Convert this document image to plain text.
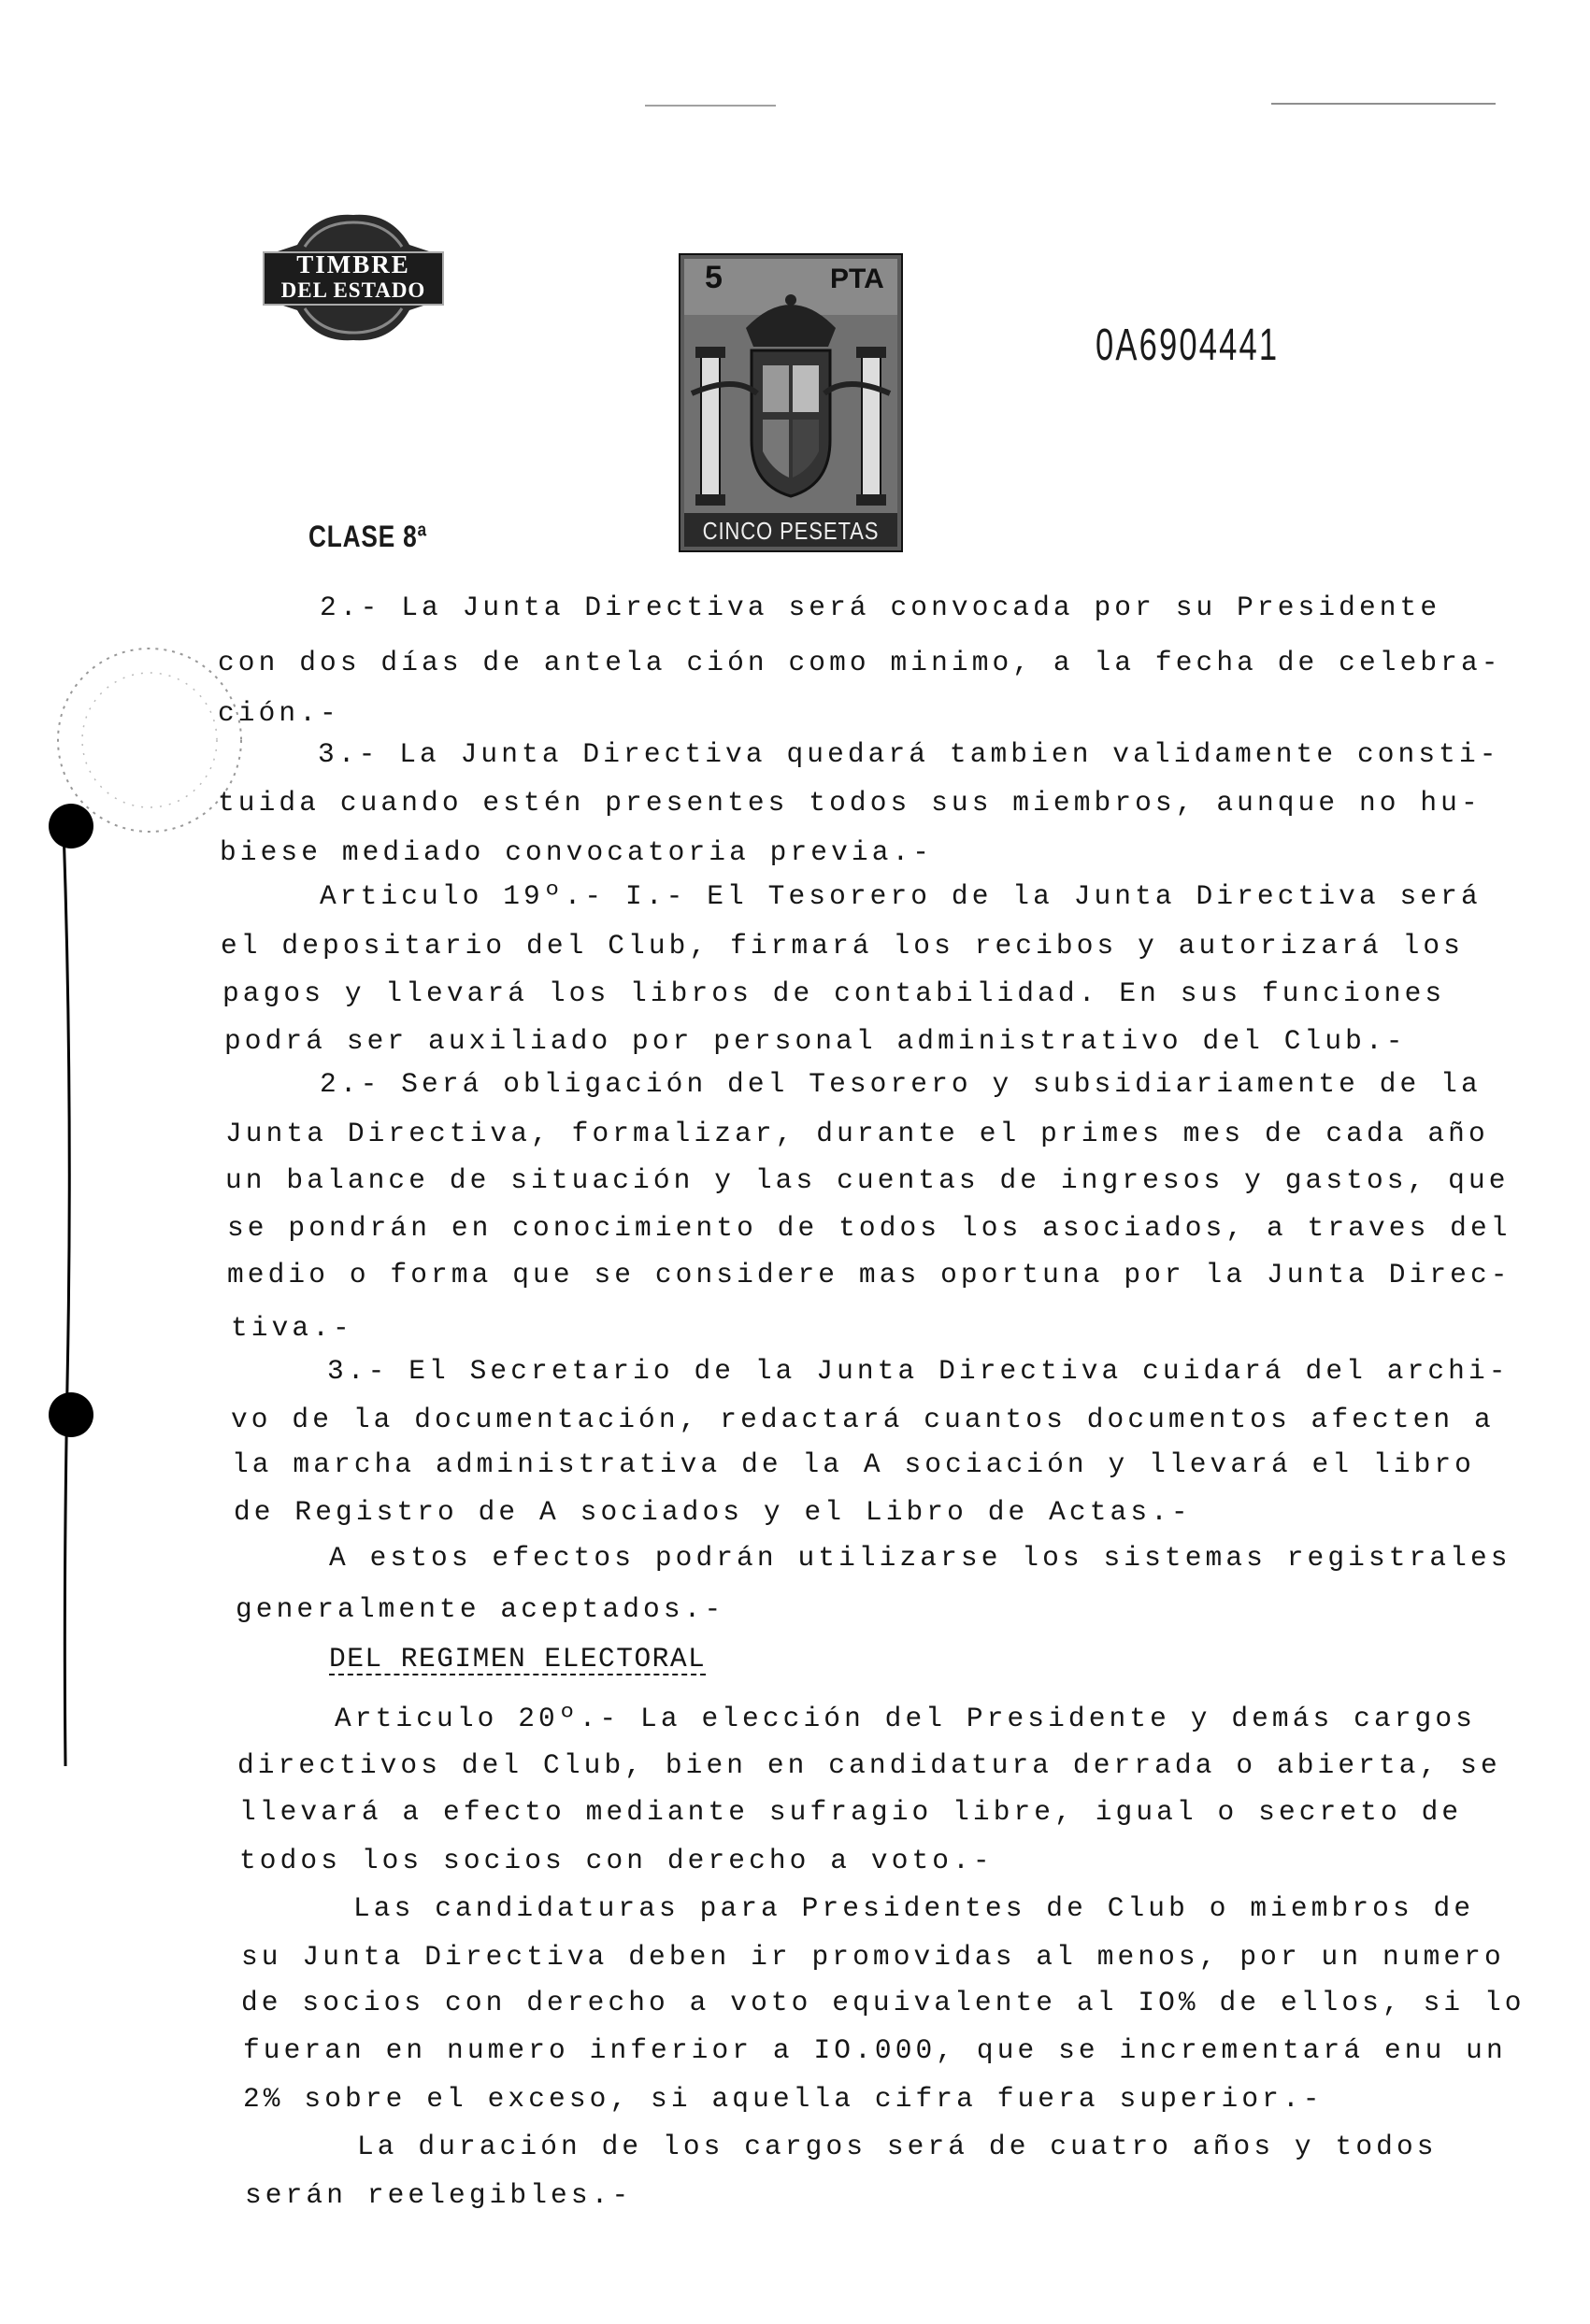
TIMBRE
DEL ESTADO	5	PTA
CINCO PESETAS
0A6904441
CLASE 8ª
2.- La Junta Directiva será convocada por su Presidente
con dos días de antela ción como minimo, a la fecha de celebra-
ción.-
3.- La Junta Directiva quedará tambien validamente consti-
tuida cuando estén presentes todos sus miembros, aunque no hu-
biese mediado convocatoria previa.-
Articulo 19º.- I.- El Tesorero de la Junta Directiva será
el depositario del Club, firmará los recibos y autorizará los
pagos y llevará los libros de contabilidad. En sus funciones
podrá ser auxiliado por personal administrativo del Club.-
2.- Será obligación del Tesorero y subsidiariamente de la
Junta Directiva, formalizar, durante el primes mes de cada año
un balance de situación y las cuentas de ingresos y gastos, que
se pondrán en conocimiento de todos los asociados, a traves del
medio o forma que se considere mas oportuna por la Junta Direc-
tiva.-
3.- El Secretario de la Junta Directiva cuidará del archi-
vo de la documentación, redactará cuantos documentos afecten a
la marcha administrativa de la A sociación y llevará el libro
de Registro de A sociados y el Libro de Actas.-
A estos efectos podrán utilizarse los sistemas registrales
generalmente aceptados.-
DEL REGIMEN ELECTORAL
Articulo 20º.- La elección del Presidente y demás cargos
directivos del Club, bien en candidatura derrada o abierta, se
llevará a efecto mediante sufragio libre, igual o secreto de
todos los socios con derecho a voto.-
Las candidaturas para Presidentes de Club o miembros de
su Junta Directiva deben ir promovidas al menos, por un numero
de socios con derecho a voto equivalente al IO% de ellos, si lo
fueran en numero inferior a IO.000, que se incrementará enu un
2% sobre el exceso, si aquella cifra fuera superior.-
La duración de los cargos será de cuatro años y todos
serán reelegibles.-
